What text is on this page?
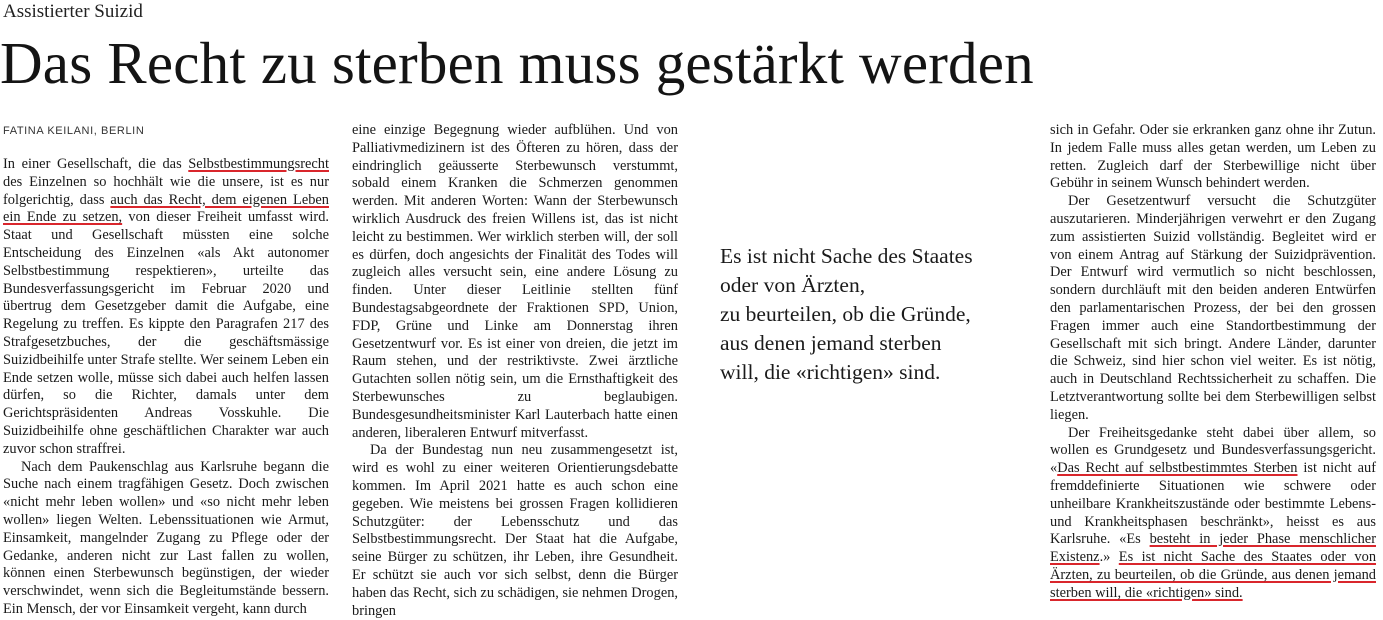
Assistierter Suizid
Das Recht zu sterben muss gestärkt werden
FATINA KEILANI, BERLIN

In einer Gesellschaft, die das Selbstbestimmungsrecht des Einzelnen so hochhält wie die unsere, ist es nur folgerichtig, dass auch das Recht, dem eigenen Leben ein Ende zu setzen, von dieser Freiheit umfasst wird. Staat und Gesellschaft müssten eine solche Entscheidung des Einzelnen «als Akt autonomer Selbstbestimmung respektieren», urteilte das Bundesverfassungsgericht im Februar 2020 und übertrug dem Gesetzgeber damit die Aufgabe, eine Regelung zu treffen. Es kippte den Paragrafen 217 des Strafgesetzbuches, der die geschäftsmässige Suizidbeihilfe unter Strafe stellte. Wer seinem Leben ein Ende setzen wolle, müsse sich dabei auch helfen lassen dürfen, so die Richter, damals unter dem Gerichtspräsidenten Andreas Vosskuhle. Die Suizidbeihilfe ohne geschäftlichen Charakter war auch zuvor schon straffrei.

Nach dem Paukenschlag aus Karlsruhe begann die Suche nach einem tragfähigen Gesetz. Doch zwischen «nicht mehr leben wollen» und «so nicht mehr leben wollen» liegen Welten. Lebenssituationen wie Armut, Einsamkeit, mangelnder Zugang zu Pflege oder der Gedanke, anderen nicht zur Last fallen zu wollen, können einen Sterbewunsch begünstigen, der wieder verschwindet, wenn sich die Begleitumstände bessern. Ein Mensch, der vor Einsamkeit vergeht, kann durch

eine einzige Begegnung wieder aufblühen. Und von Palliativmedizinern ist des Öfteren zu hören, dass der eindringlich geäusserte Sterbewunsch verstummt, sobald einem Kranken die Schmerzen genommen werden. Mit anderen Worten: Wann der Sterbewunsch wirklich Ausdruck des freien Willens ist, das ist nicht leicht zu bestimmen. Wer wirklich sterben will, der soll es dürfen, doch angesichts der Finalität des Todes will zugleich alles versucht sein, eine andere Lösung zu finden. Unter dieser Leitlinie stellten fünf Bundestagsabgeordnete der Fraktionen SPD, Union, FDP, Grüne und Linke am Donnerstag ihren Gesetzentwurf vor. Es ist einer von dreien, die jetzt im Raum stehen, und der restriktivste. Zwei ärztliche Gutachten sollen nötig sein, um die Ernsthaftigkeit des Sterbewunsches zu beglaubigen. Bundesgesundheitsminister Karl Lauterbach hatte einen anderen, liberaleren Entwurf mitverfasst.

Da der Bundestag nun neu zusammengesetzt ist, wird es wohl zu einer weiteren Orientierungsdebatte kommen. Im April 2021 hatte es auch schon eine gegeben. Wie meistens bei grossen Fragen kollidieren Schutzgüter: der Lebensschutz und das Selbstbestimmungsrecht. Der Staat hat die Aufgabe, seine Bürger zu schützen, ihr Leben, ihre Gesundheit. Er schützt sie auch vor sich selbst, denn die Bürger haben das Recht, sich zu schädigen, sie nehmen Drogen, bringen

Es ist nicht Sache des Staates
oder von Ärzten,
zu beurteilen, ob die Gründe,
aus denen jemand sterben
will, die «richtigen» sind.

sich in Gefahr. Oder sie erkranken ganz ohne ihr Zutun. In jedem Falle muss alles getan werden, um Leben zu retten. Zugleich darf der Sterbewillige nicht über Gebühr in seinem Wunsch behindert werden.

Der Gesetzentwurf versucht die Schutzgüter auszutarieren. Minderjährigen verwehrt er den Zugang zum assistierten Suizid vollständig. Begleitet wird er von einem Antrag auf Stärkung der Suizidprävention. Der Entwurf wird vermutlich so nicht beschlossen, sondern durchläuft mit den beiden anderen Entwürfen den parlamentarischen Prozess, der bei den grossen Fragen immer auch eine Standortbestimmung der Gesellschaft mit sich bringt. Andere Länder, darunter die Schweiz, sind hier schon viel weiter. Es ist nötig, auch in Deutschland Rechtssicherheit zu schaffen. Die Letztverantwortung sollte bei dem Sterbewilligen selbst liegen.

Der Freiheitsgedanke steht dabei über allem, so wollen es Grundgesetz und Bundesverfassungsgericht. «Das Recht auf selbstbestimmtes Sterben ist nicht auf fremddefinierte Situationen wie schwere oder unheilbare Krankheitszustände oder bestimmte Lebens- und Krankheitsphasen beschränkt», heisst es aus Karlsruhe. «Es besteht in jeder Phase menschlicher Existenz.» Es ist nicht Sache des Staates oder von Ärzten, zu beurteilen, ob die Gründe, aus denen jemand sterben will, die «richtigen» sind.
